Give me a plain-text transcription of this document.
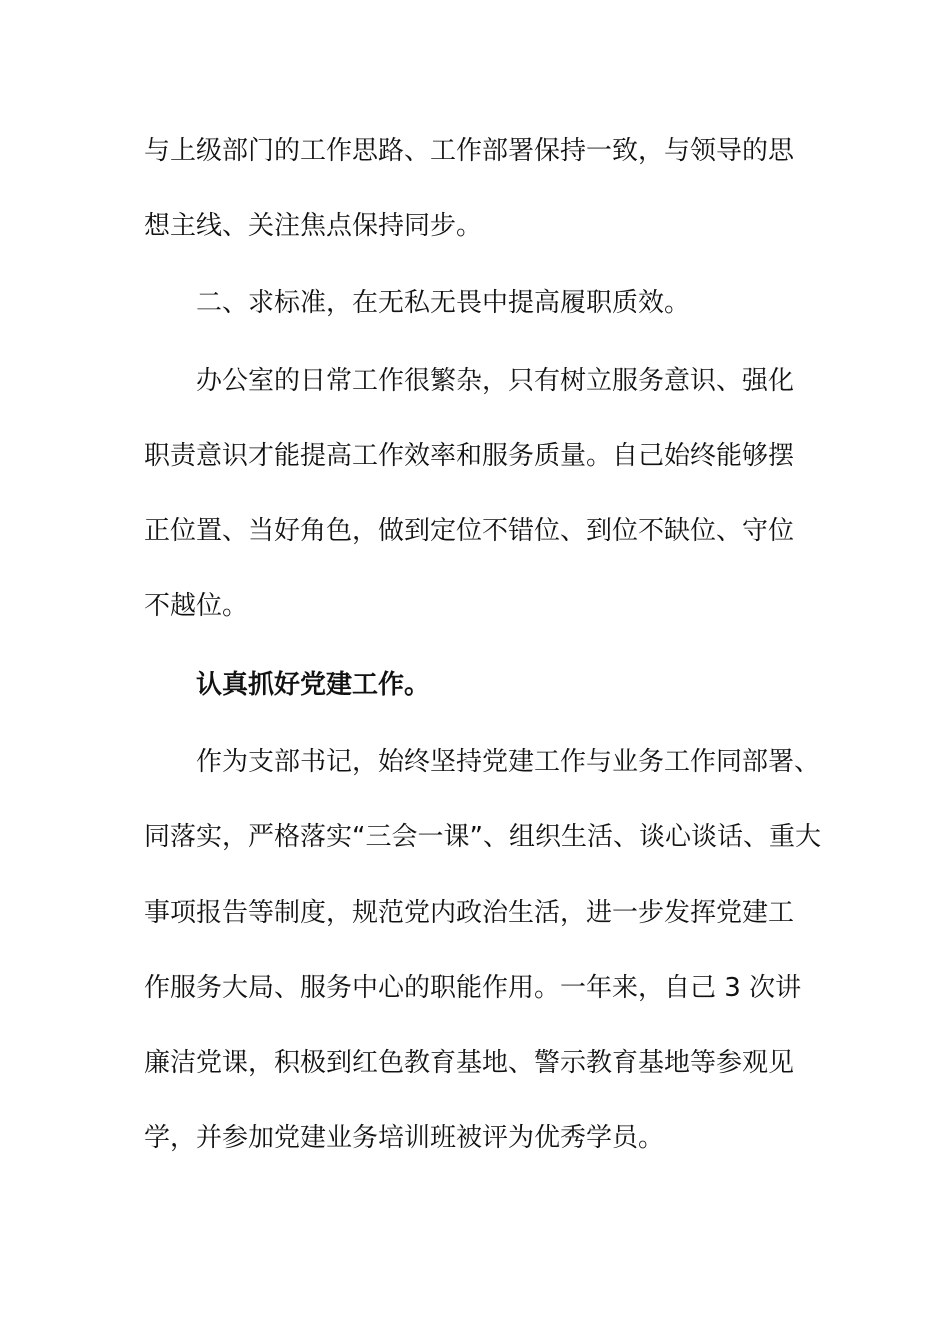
与上级部门的工作思路、工作部署保持一致，与领导的思
想主线、关注焦点保持同步。
二、求标准，在无私无畏中提高履职质效。
办公室的日常工作很繁杂，只有树立服务意识、强化
职责意识才能提高工作效率和服务质量。自己始终能够摆
正位置、当好角色，做到定位不错位、到位不缺位、守位
不越位。
认真抓好党建工作。
作为支部书记，始终坚持党建工作与业务工作同部署、
同落实，严格落实“三会一课”、组织生活、谈心谈话、重大
事项报告等制度，规范党内政治生活，进一步发挥党建工
作服务大局、服务中心的职能作用。一年来，自己 3 次讲
廉洁党课，积极到红色教育基地、警示教育基地等参观见
学，并参加党建业务培训班被评为优秀学员。
